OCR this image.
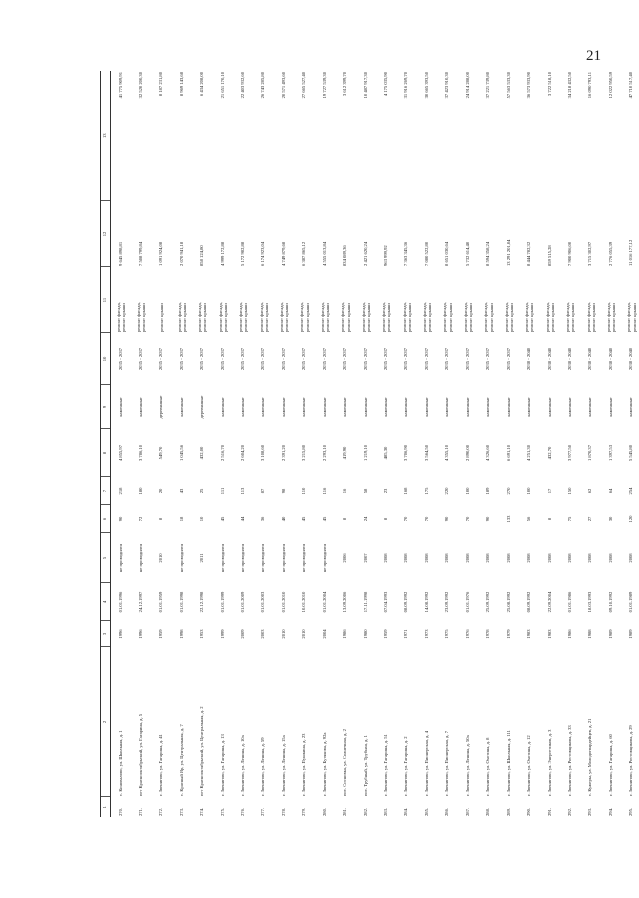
21
1	2	3	4	5	6	7	8	9	10	11	12	13
270.	с. Коновалово, ул. Школьная, д. 1	1996	01.01.1996	не проводился	90	218	4 855,97	каменные	2035 - 2037	ремонт фасада, ремонт крыши	9 645 898,81	41 775 909,91
271.	пгт Краснооктябрьский, ул. Гагарина, д. 5	1996	24.12.1997	не проводился	72	180	3 786,10	каменные	2035 - 2037	ремонт фасада, ремонт крыши	7 508 799,84	32 520 200,30
272.	г. Звенигово, ул. Гагарина, д. 41	1959	01.01.1959	2010	8	20	549,70	деревянные	2035 - 2037	ремонт крыши	1 091 924,08	8 187 231,80
273.	с. Красный Яр, ул. Центральная, д. 7	1998	01.01.1998	не проводился	18	43	1 045,56	каменные	2035 - 2037	ремонт фасада, ремонт крыши	2 070 941,18	8 969 143,68
274.	пгт Краснооктябрьский, ул. Центральная, д. 2	1953	22.12.1998	2011	10	25	432,00	деревянные	2035 - 2037	ремонт фасада, ремонт крыши	858 124,80	6 434 208,00
275.	г. Звенигово, ул. Гагарина, д. 13	1999	01.01.1999	не проводился	45	111	2 516,70	каменные	2035 - 2037	ремонт фасада, ремонт крыши	4 999 172,88	21 651 170,10
276.	г. Звенигово, ул. Ленина, д. 10а	2009	01.01.2009	не проводился	44	113	2 604,20	каменные	2035 - 2037	ремонт фасада, ремонт крыши	5 172 982,88	22 403 932,60
277.	г. Звенигово, ул. Ленина, д. 59	2003	01.01.2003	не проводился	36	87	3 108,60	каменные	2035 - 2037	ремонт фасада, ремонт крыши	6 174 923,04	26 743 285,80
278.	г. Звенигово, ул. Ленина, д. 15а	2010	01.01.2010	не проводился	40	98	2 391,20	каменные	2035 - 2037	ремонт фасада, ремонт крыши	4 749 879,68	20 571 493,60
279.	г. Звенигово, ул. Пушкина, д. 23	2010	10.01.2010	не проводился	45	110	3 215,80	каменные	2035 - 2037	ремонт фасада, ремонт крыши	6 387 865,12	27 665 527,40
280.	г. Звенигово, ул. Бутякова, д. 92а	2004	01.01.2004	не проводился	45	116	2 293,10	каменные	2035 - 2037	ремонт фасада, ремонт крыши	4 555 013,84	19 727 539,30
281.	пос. Сосновка, ул. Солнечная, д. 2	1986	13.09.2006	2006	8	16	419,90	каменные	2035 - 2037	ремонт фасада, ремонт крыши	834 089,36	3 612 399,70
282.	пос. Трубный, ул. Трубная, д. 1	1980	17.11.1998	2007	24	58	1 219,10	каменные	2035 - 2037	ремонт фасада, ремонт крыши	2 421 620,24	10 487 917,30
283.	г. Звенигово, ул. Гагарина, д. 51	1959	07.04.1993	2008	8	23	485,30	каменные	2035 - 2037	ремонт фасада, ремонт крыши	963 999,92	4 175 035,90
284.	г. Звенигово, ул. Гагарина, д. 2	1971	08.09.1992	2008	70	168	3 706,90	каменные	2035 - 2037	ремонт фасада, ремонт крыши	7 363 345,36	31 916 269,70
285.	г. Звенигово, ул. Пионерская, д. 4	1973	14.08.1992	2008	70	175	3 564,50	каменные	2035 - 2037	ремонт фасада, ремонт крыши	7 080 522,80	30 665 393,50
286.	г. Звенигово, ул. Пионерская, д. 7	1975	23.09.1992	2008	90	220	4 355,10	каменные	2035 - 2037	ремонт фасада, ремонт крыши	8 651 030,64	37 423 910,30
287.	г. Звенигово, ул. Ленина, д. 50а	1976	01.01.1976	2008	70	100	2 890,00	каменные	2035 - 2037	ремонт фасада, ремонт крыши	5 732 614,40	24 914 288,00
288.	г. Звенигово, ул. Охотина, д. 8	1978	25.09.1992	2008	90	189	4 326,60	каменные	2035 - 2037	ремонт фасада, ремонт крыши	8 594 358,24	37 221 739,80
289.	г. Звенигово, ул. Школьная, д. 111	1979	25.08.1992	2008	133	270	6 691,10	каменные	2035 - 2037	ремонт фасада, ремонт крыши	13 291 201,04	57 563 533,30
290.	г. Звенигово, ул. Охотина, д. 12	1983	08.09.1992	2008	56	100	4 251,30	каменные	2038 - 2040	ремонт фасада, ремонт крыши	8 444 782,32	36 573 933,90
291.	г. Звенигово, ул. Энергетиков, д. 3	1983	22.09.2004	2008	8	17	432,70	каменные	2038 - 2040	ремонт фасада, ремонт крыши	859 515,28	3 722 518,10
292.	г. Звенигово, ул. Ростовцикова, д. 33	1986	01.01.1986	2008	75	150	3 977,50	каменные	2038 - 2040	ремонт фасада, ремонт крыши	7 900 906,00	34 218 432,50
293.	с. Кужеры, ул. Молодогвардейцев, д. 21	1988	18.03.1993	2008	27	62	1 870,37	каменные	2038 - 2040	ремонт фасада, ремонт крыши	3 715 302,97	16 090 793,11
294.	г. Звенигово, ул. Гагарина, д. 60	1989	09.10.1992	2008	30	64	1 397,53	каменные	2038 - 2040	ремонт фасада, ремонт крыши	2 776 055,39	12 022 950,59
295.	г. Звенигово, ул. Ростовцикова, д. 29	1989	01.01.1989	2008	120	254	5 545,80	каменные	2038 - 2040	ремонт фасада, ремонт крыши	11 016 177,12	47 710 517,40
